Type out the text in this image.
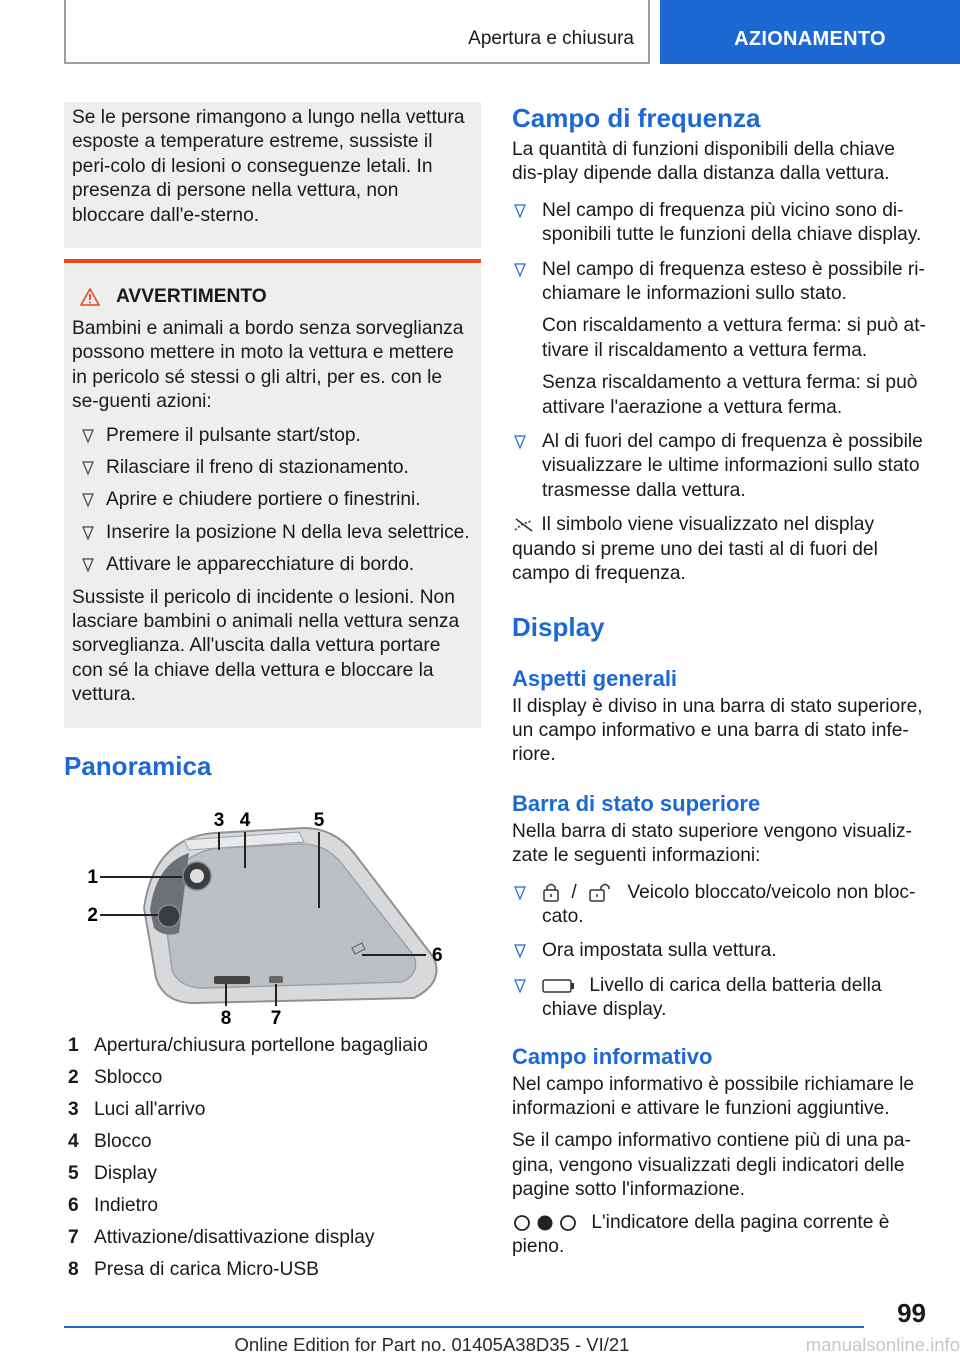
Apertura e chiusura	AZIONAMENTO

Se le persone rimangono a lungo nella vettura esposte a temperature estreme, sussiste il peri-colo di lesioni o conseguenze letali. In presenza di persone nella vettura, non bloccare dall'e-sterno.

AVVERTIMENTO

Bambini e animali a bordo senza sorveglianza possono mettere in moto la vettura e mettere in pericolo sé stessi o gli altri, per es. con le se-guenti azioni:

Premere il pulsante start/stop.
Rilasciare il freno di stazionamento.
Aprire e chiudere portiere o finestrini.
Inserire la posizione N della leva selettrice.
Attivare le apparecchiature di bordo.

Sussiste il pericolo di incidente o lesioni. Non lasciare bambini o animali nella vettura senza sorveglianza. All'uscita dalla vettura portare con sé la chiave della vettura e bloccare la vettura.

Panoramica
1
2
3 4	5
6
7
8
1 Apertura/chiusura portellone bagagliaio
2 Sblocco
3 Luci all'arrivo
4 Blocco
5 Display
6 Indietro
7 Attivazione/disattivazione display
8 Presa di carica Micro-USB
Campo di frequenza

La quantità di funzioni disponibili della chiave dis-play dipende dalla distanza dalla vettura.

Nel campo di frequenza più vicino sono di-sponibili tutte le funzioni della chiave display.
Nel campo di frequenza esteso è possibile ri-chiamare le informazioni sullo stato.

Con riscaldamento a vettura ferma: si può at-tivare il riscaldamento a vettura ferma.

Senza riscaldamento a vettura ferma: si può attivare l'aerazione a vettura ferma.

Al di fuori del campo di frequenza è possibile visualizzare le ultime informazioni sullo stato trasmesse dalla vettura.

Il simbolo viene visualizzato nel display quando si preme uno dei tasti al di fuori del campo di frequenza.

Display
Aspetti generali

Il display è diviso in una barra di stato superiore, un campo informativo e una barra di stato infe-riore.

Barra di stato superiore

Nella barra di stato superiore vengono visualiz-zate le seguenti informazioni:

/	Veicolo bloccato/veicolo non bloc-cato.
Ora impostata sulla vettura.
Livello di carica della batteria della chiave display.
Campo informativo

Nel campo informativo è possibile richiamare le informazioni e attivare le funzioni aggiuntive.

Se il campo informativo contiene più di una pa-gina, vengono visualizzati degli indicatori delle pagine sotto l'informazione.

L'indicatore della pagina corrente è pieno.

99
Online Edition for Part no. 01405A38D35 - VI/21	manualsonline.info
